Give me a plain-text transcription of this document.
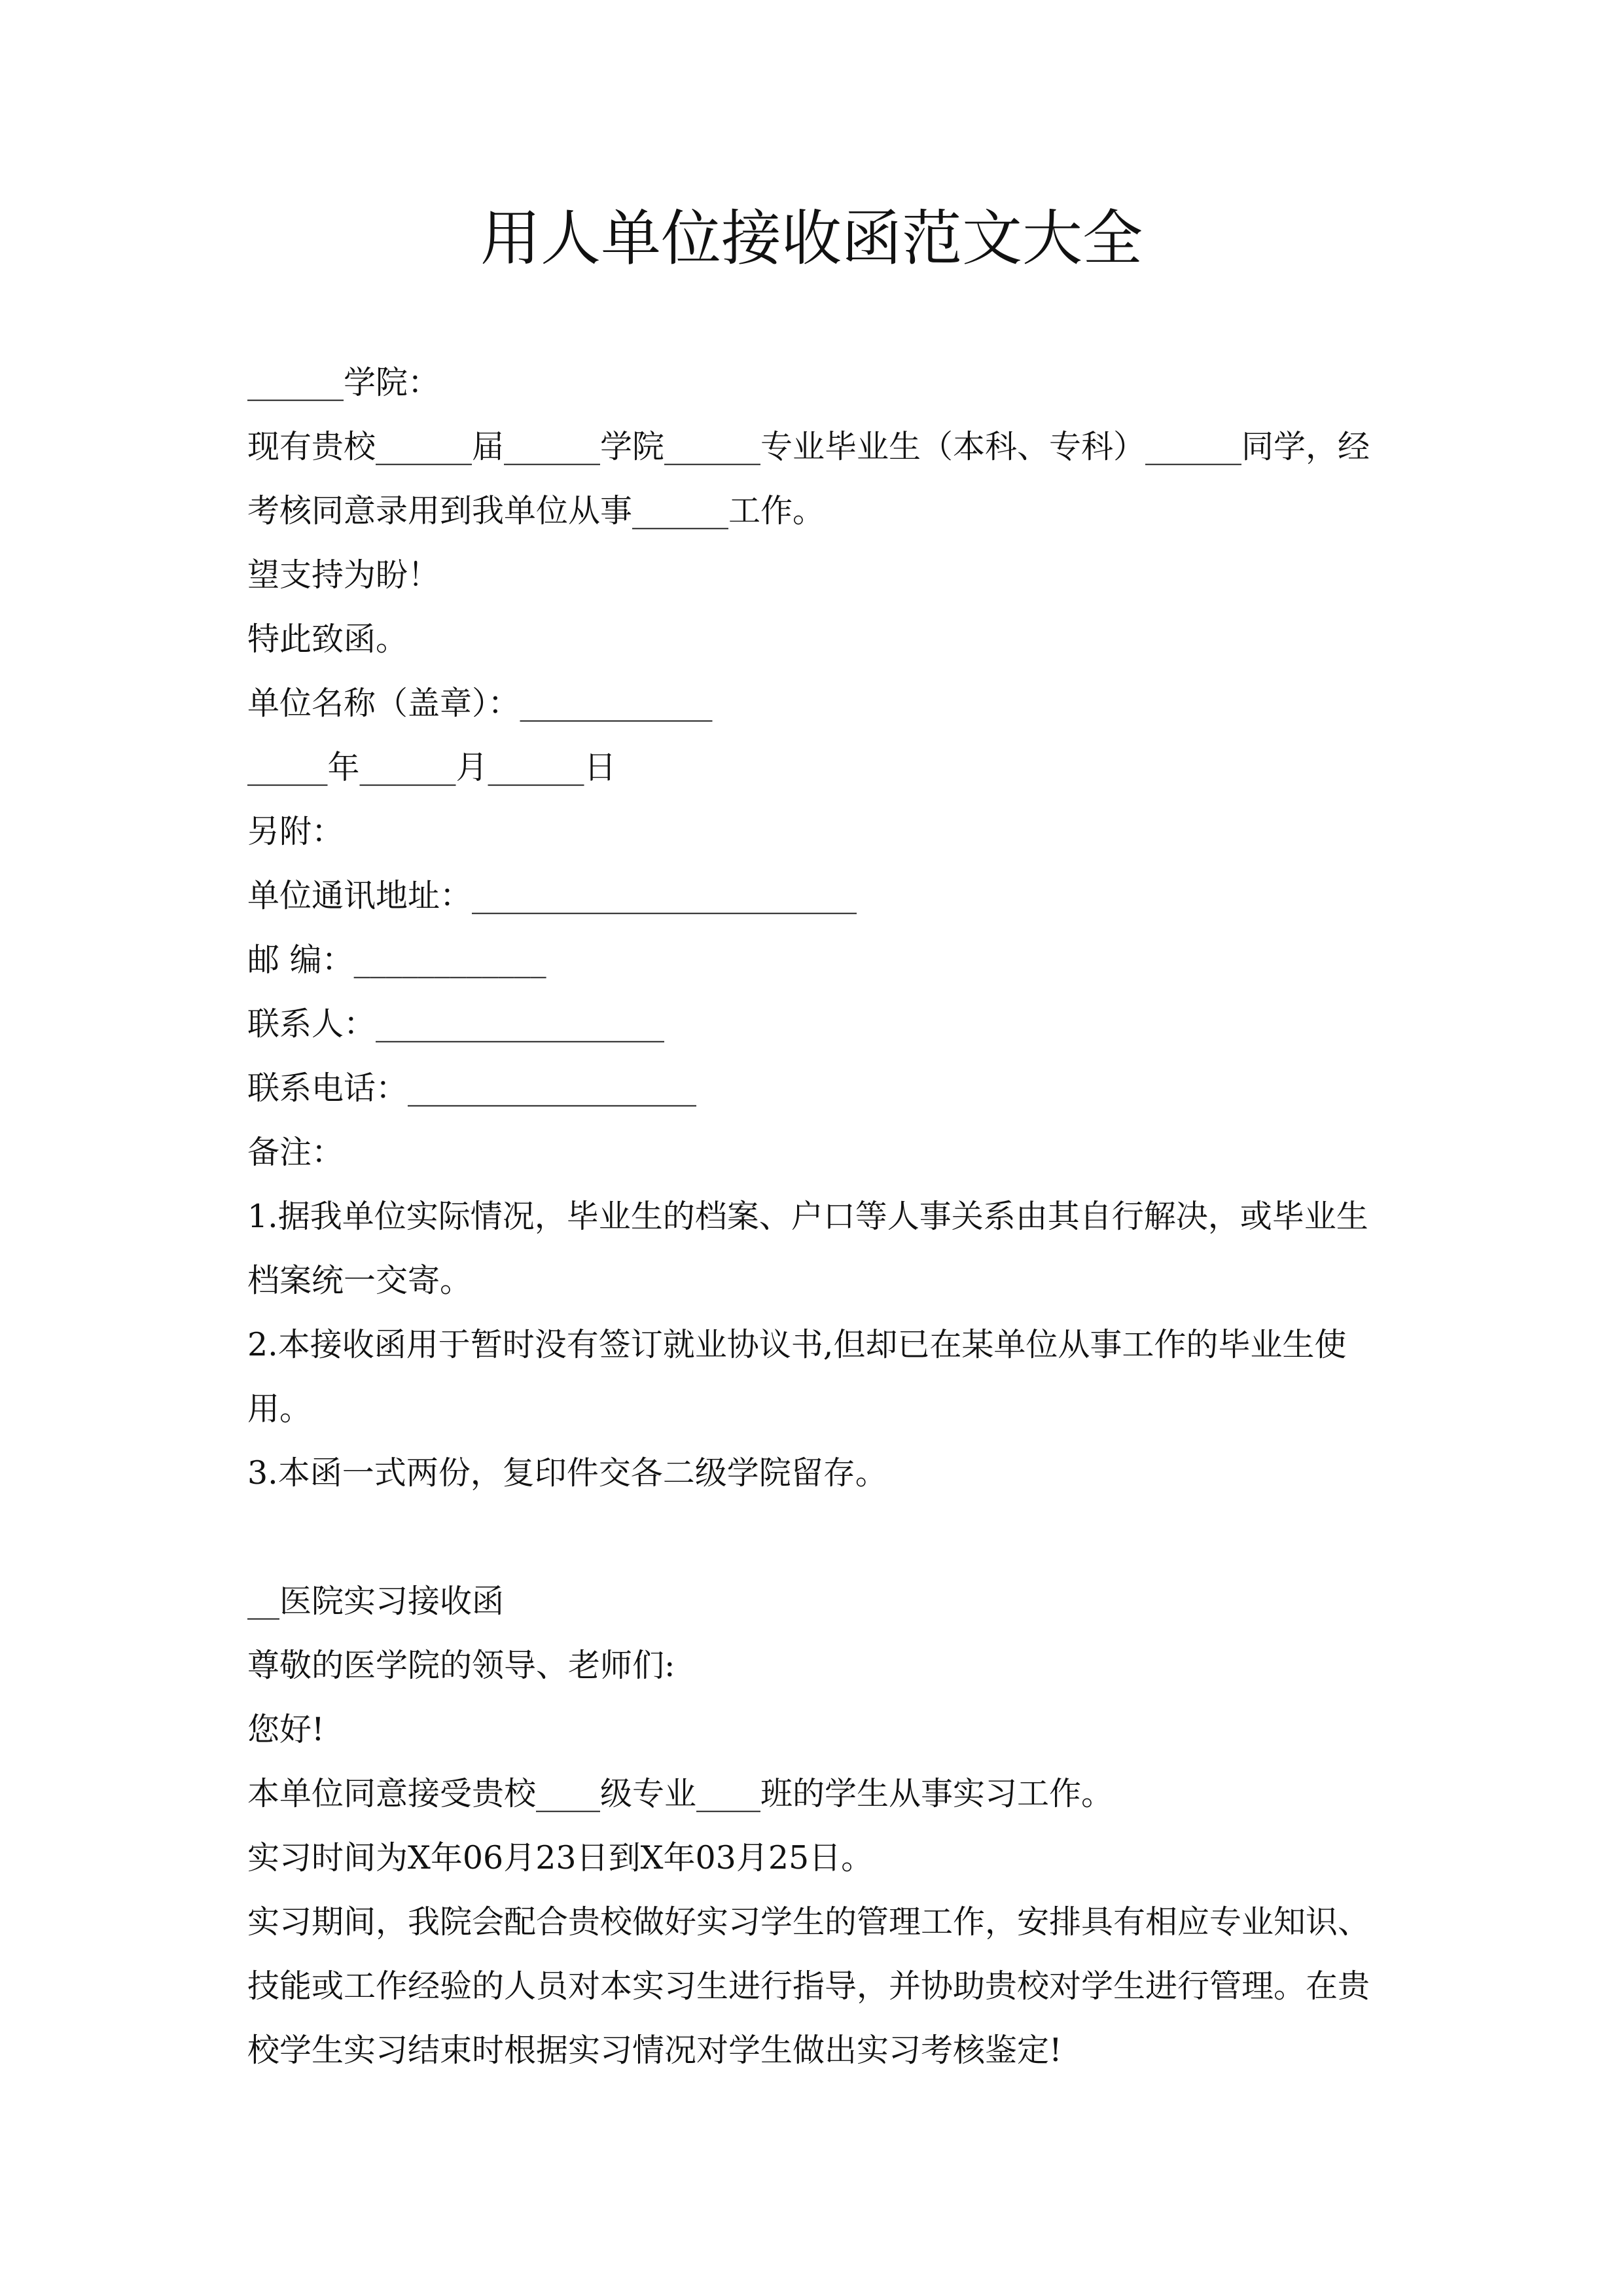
用人单位接收函范文大全
______学院：
现有贵校______届______学院______专业毕业生（本科、专科）______同学，经
考核同意录用到我单位从事______工作。
望支持为盼！
特此致函。
单位名称（盖章）：____________
_____年______月______日
另附：
单位通讯地址：________________________
邮 编：____________
联系人：__________________
联系电话：__________________
备注：
1.据我单位实际情况，毕业生的档案、户口等人事关系由其自行解决，或毕业生
档案统一交寄。
2.本接收函用于暂时没有签订就业协议书,但却已在某单位从事工作的毕业生使
用。
3.本函一式两份，复印件交各二级学院留存。
__医院实习接收函
尊敬的医学院的领导、老师们:
您好!
本单位同意接受贵校____级专业____班的学生从事实习工作。
实习时间为X年06月23日到X年03月25日。
实习期间，我院会配合贵校做好实习学生的管理工作，安排具有相应专业知识、
技能或工作经验的人员对本实习生进行指导，并协助贵校对学生进行管理。在贵
校学生实习结束时根据实习情况对学生做出实习考核鉴定!
